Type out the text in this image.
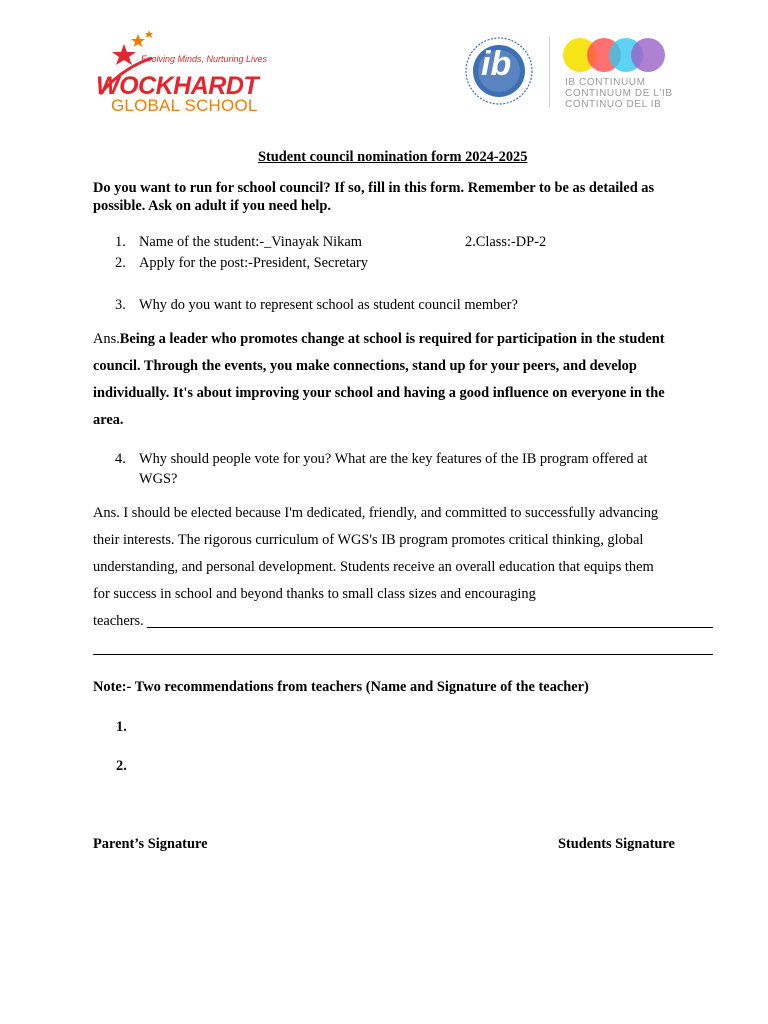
Evolving Minds, Nurturing Lives
WOCKHARDT
GLOBAL SCHOOL
ib	IB CONTINUUM
CONTINUUM DE L'IB
CONTINUO DEL IB
Student council nomination form 2024-2025
Do you want to run for school council? If so, fill in this form. Remember to be as detailed as
possible. Ask on adult if you need help.
1. Name of the student:-_Vinayak Nikam	2.Class:-DP-2
2. Apply for the post:-President, Secretary
3. Why do you want to represent school as student council member?
Ans.Being a leader who promotes change at school is required for participation in the student
council. Through the events, you make connections, stand up for your peers, and develop
individually. It's about improving your school and having a good influence on everyone in the
area.
4. Why should people vote for you? What are the key features of the IB program offered at
WGS?
Ans. I should be elected because I'm dedicated, friendly, and committed to successfully advancing
their interests. The rigorous curriculum of WGS's IB program promotes critical thinking, global
understanding, and personal development. Students receive an overall education that equips them
for success in school and beyond thanks to small class sizes and encouraging
teachers.
Note:- Two recommendations from teachers (Name and Signature of the teacher)
1.
2.
Parent’s Signature	Students Signature
